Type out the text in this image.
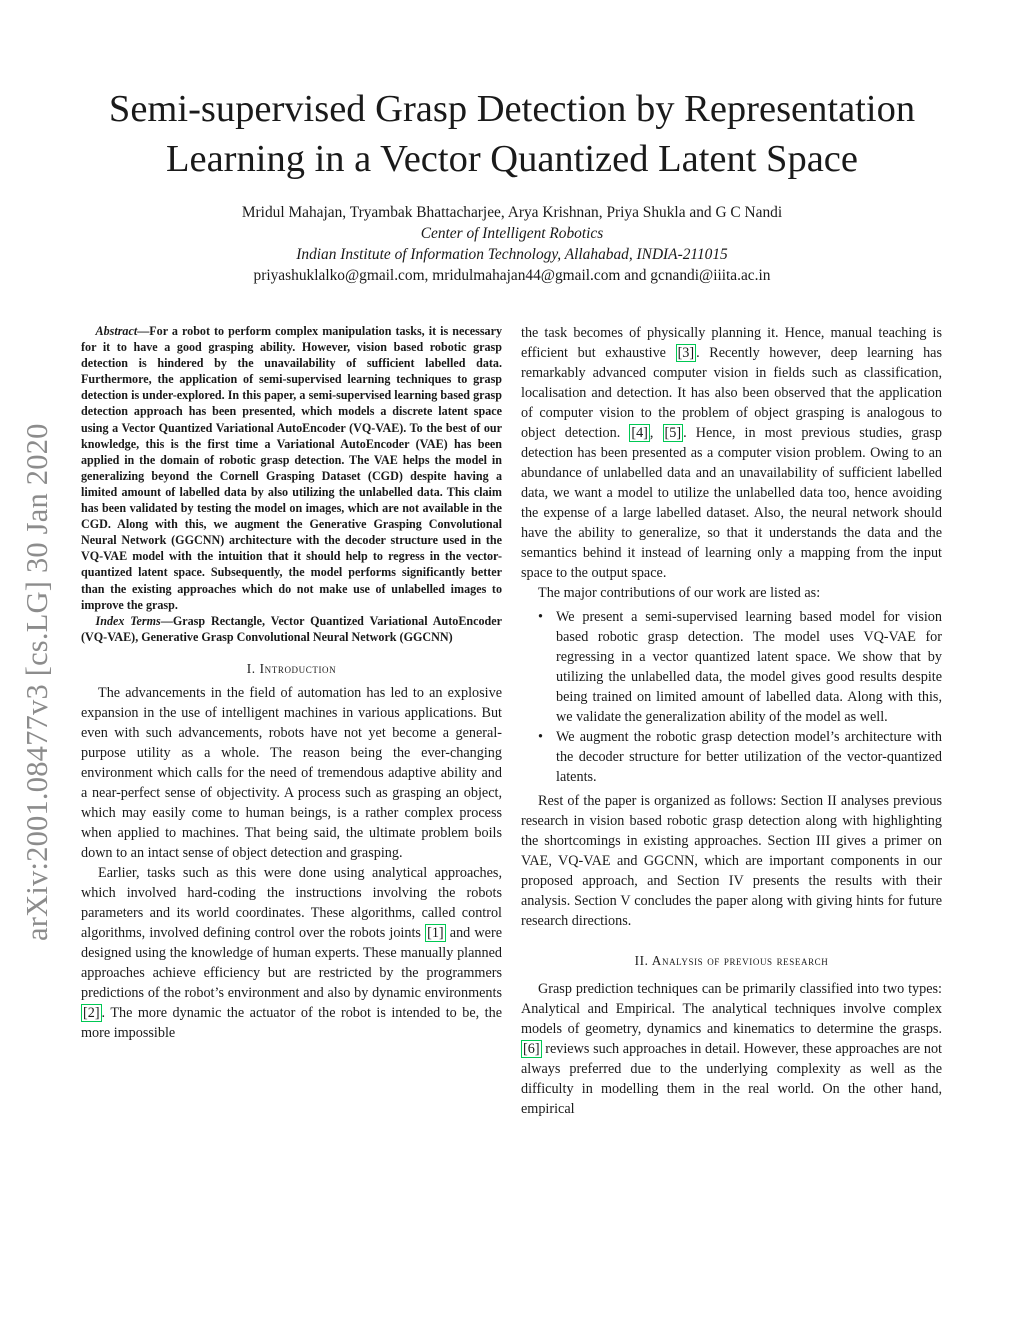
arXiv:2001.08477v3 [cs.LG] 30 Jan 2020
Semi-supervised Grasp Detection by Representation
Learning in a Vector Quantized Latent Space
Mridul Mahajan, Tryambak Bhattacharjee, Arya Krishnan, Priya Shukla and G C Nandi
Center of Intelligent Robotics
Indian Institute of Information Technology, Allahabad, INDIA-211015
priyashuklalko@gmail.com, mridulmahajan44@gmail.com and gcnandi@iiita.ac.in

Abstract—For a robot to perform complex manipulation tasks, it is necessary for it to have a good grasping ability. However, vision based robotic grasp detection is hindered by the unavailability of sufficient labelled data. Furthermore, the application of semi-supervised learning techniques to grasp detection is under-explored. In this paper, a semi-supervised learning based grasp detection approach has been presented, which models a discrete latent space using a Vector Quantized Variational AutoEncoder (VQ-VAE). To the best of our knowledge, this is the first time a Variational AutoEncoder (VAE) has been applied in the domain of robotic grasp detection. The VAE helps the model in generalizing beyond the Cornell Grasping Dataset (CGD) despite having a limited amount of labelled data by also utilizing the unlabelled data. This claim has been validated by testing the model on images, which are not available in the CGD. Along with this, we augment the Generative Grasping Convolutional Neural Network (GGCNN) architecture with the decoder structure used in the VQ-VAE model with the intuition that it should help to regress in the vector-quantized latent space. Subsequently, the model performs significantly better than the existing approaches which do not make use of unlabelled images to improve the grasp.

Index Terms—Grasp Rectangle, Vector Quantized Variational AutoEncoder (VQ-VAE), Generative Grasp Convolutional Neural Network (GGCNN)

I. Introduction

The advancements in the field of automation has led to an explosive expansion in the use of intelligent machines in various applications. But even with such advancements, robots have not yet become a general-purpose utility as a whole. The reason being the ever-changing environment which calls for the need of tremendous adaptive ability and a near-perfect sense of objectivity. A process such as grasping an object, which may easily come to human beings, is a rather complex process when applied to machines. That being said, the ultimate problem boils down to an intact sense of object detection and grasping.

Earlier, tasks such as this were done using analytical approaches, which involved hard-coding the instructions involving the robots parameters and its world coordinates. These algorithms, called control algorithms, involved defining control over the robots joints [1] and were designed using the knowledge of human experts. These manually planned approaches achieve efficiency but are restricted by the programmers predictions of the robot’s environment and also by dynamic environments [2] . The more dynamic the actuator of the robot is intended to be, the more impossible

the task becomes of physically planning it. Hence, manual teaching is efficient but exhaustive [3] . Recently however, deep learning has remarkably advanced computer vision in fields such as classification, localisation and detection. It has also been observed that the application of computer vision to the problem of object grasping is analogous to object detection. [4] , [5] . Hence, in most previous studies, grasp detection has been presented as a computer vision problem. Owing to an abundance of unlabelled data and an unavailability of sufficient labelled data, we want a model to utilize the unlabelled data too, hence avoiding the expense of a large labelled dataset. Also, the neural network should have the ability to generalize, so that it understands the data and the semantics behind it instead of learning only a mapping from the input space to the output space.

The major contributions of our work are listed as:

• We present a semi-supervised learning based model for vision based robotic grasp detection. The model uses VQ-VAE for regressing in a vector quantized latent space. We show that by utilizing the unlabelled data, the model gives good results despite being trained on limited amount of labelled data. Along with this, we validate the generalization ability of the model as well.
• We augment the robotic grasp detection model’s architecture with the decoder structure for better utilization of the vector-quantized latents.

Rest of the paper is organized as follows: Section II analyses previous research in vision based robotic grasp detection along with highlighting the shortcomings in existing approaches. Section III gives a primer on VAE, VQ-VAE and GGCNN, which are important components in our proposed approach, and Section IV presents the results with their analysis. Section V concludes the paper along with giving hints for future research directions.

II. Analysis of previous research

Grasp prediction techniques can be primarily classified into two types: Analytical and Empirical. The analytical techniques involve complex models of geometry, dynamics and kinematics to determine the grasps. [6] reviews such approaches in detail. However, these approaches are not always preferred due to the underlying complexity as well as the difficulty in modelling them in the real world. On the other hand, empirical
